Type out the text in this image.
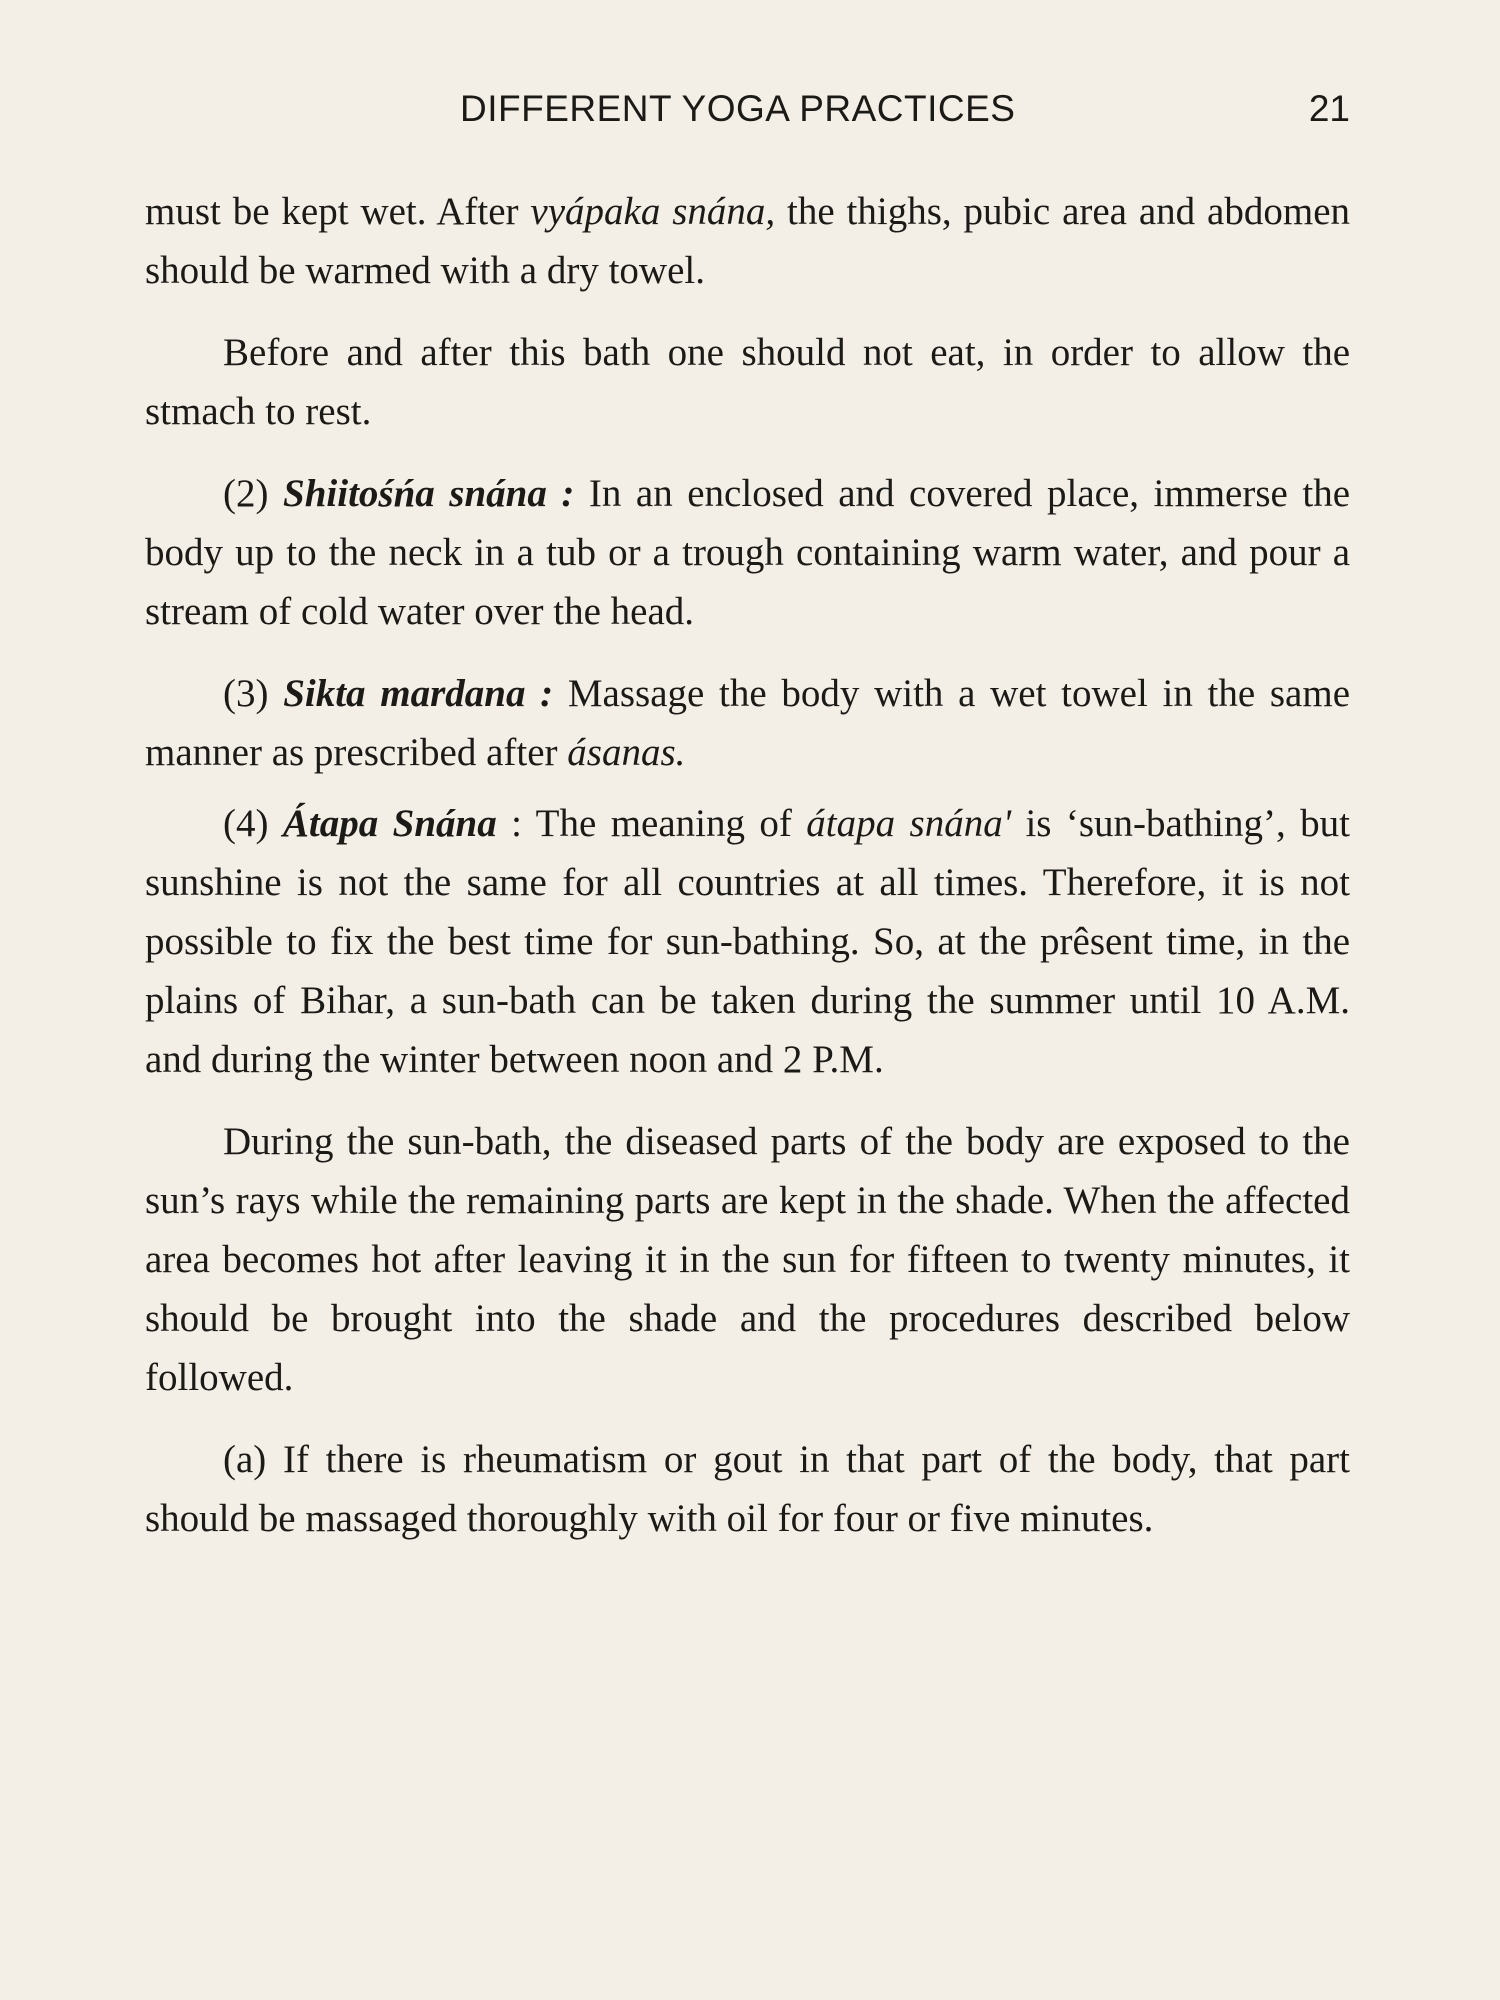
DIFFERENT YOGA PRACTICES	21

must be kept wet. After vyápaka snána, the thighs, pubic area and abdomen should be warmed with a dry towel.

Before and after this bath one should not eat, in order to allow the stmach to rest.

(2) Shiitośńa snána : In an enclosed and covered place, immerse the body up to the neck in a tub or a trough containing warm water, and pour a stream of cold water over the head.

(3) Sikta mardana : Massage the body with a wet towel in the same manner as prescribed after ásanas.

(4) Átapa Snána : The meaning of átapa snána' is ‘sun-bathing’, but sunshine is not the same for all countries at all times. Therefore, it is not possible to fix the best time for sun-bathing. So, at the prêsent time, in the plains of Bihar, a sun-bath can be taken during the summer until 10 A.M. and during the winter between noon and 2 P.M.

During the sun-bath, the diseased parts of the body are exposed to the sun’s rays while the remaining parts are kept in the shade. When the affected area becomes hot after leaving it in the sun for fifteen to twenty minutes, it should be brought into the shade and the procedures described below followed.

(a) If there is rheumatism or gout in that part of the body, that part should be massaged thoroughly with oil for four or five minutes.
